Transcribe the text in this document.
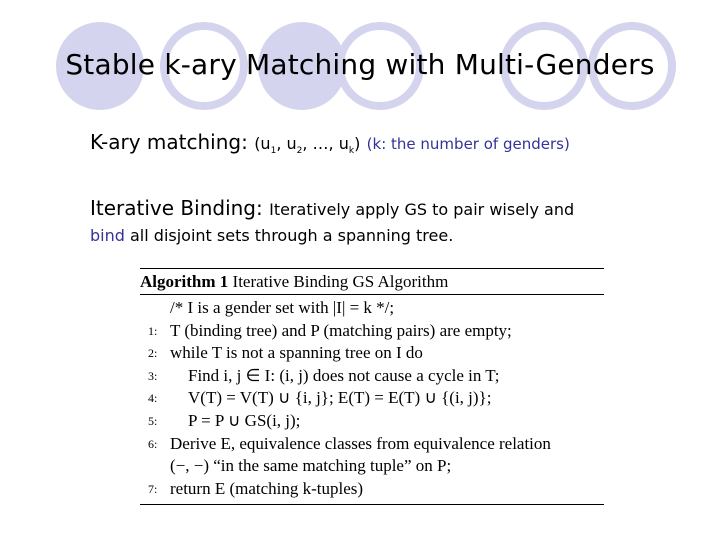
Stable k-ary Matching with Multi-Genders
K-ary matching: ($u_1$, $u_2$, …, $u_k$) (k: the number of genders)
Iterative Binding: Iteratively apply GS to pair wisely and
bind all disjoint sets through a spanning tree.
Algorithm 1 Iterative Binding GS Algorithm
/* I is a gender set with |I| = k */;
1: T (binding tree) and P (matching pairs) are empty;
2: while T is not a spanning tree on I do
3: Find i, j ∈ I: (i, j) does not cause a cycle in T;
4: V(T) = V(T) ∪ {i, j}; E(T) = E(T) ∪ {(i, j)};
5: P = P ∪ GS(i, j);
6: Derive E, equivalence classes from equivalence relation
(−, −) “in the same matching tuple” on P;
7: return E (matching k-tuples)
